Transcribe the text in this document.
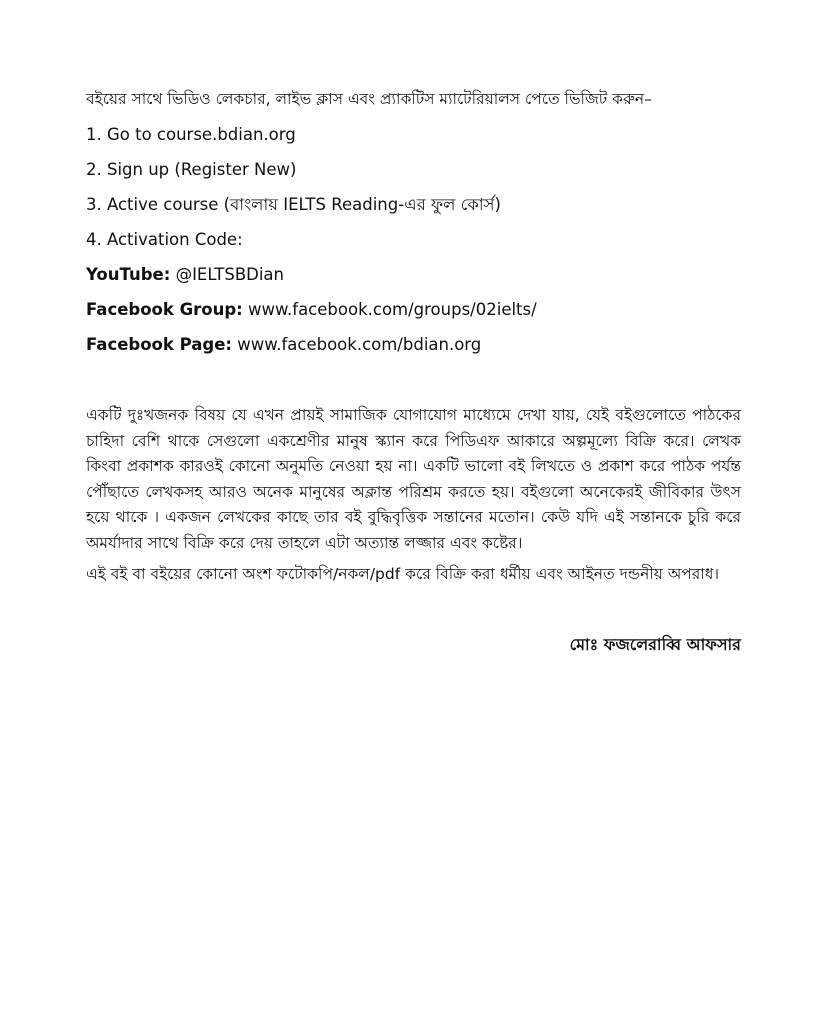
বইয়ের সাথে ভিডিও লেকচার, লাইভ ক্লাস এবং প্র্যাকটিস ম্যাটেরিয়ালস পেতে ভিজিট করুন–
1. Go to course.bdian.org
2. Sign up (Register New)
3. Active course (বাংলায় IELTS Reading-এর ফুল কোর্স)
4. Activation Code:
YouTube: @IELTSBDian
Facebook Group: www.facebook.com/groups/02ielts/
Facebook Page: www.facebook.com/bdian.org

একটি দুঃখজনক বিষয় যে এখন প্রায়ই সামাজিক যোগাযোগ মাধ্যেমে দেখা যায়, যেই বইগুলোতে পাঠকের চাহিদা বেশি থাকে সেগুলো একশ্রেণীর মানুষ স্ক্যান করে পিডিএফ আকারে অল্পমূল্যে বিক্রি করে। লেখক কিংবা প্রকাশক কারওই কোনো অনুমতি নেওয়া হয় না। একটি ভালো বই লিখতে ও প্রকাশ করে পাঠক পর্যন্ত পৌঁছাতে লেখকসহ আরও অনেক মানুষের অক্লান্ত পরিশ্রম করতে হয়। বইগুলো অনেকেরই জীবিকার উৎস হয়ে থাকে । একজন লেখকের কাছে তার বই বুদ্ধিবৃত্তিক সন্তানের মতোন। কেউ যদি এই সন্তানকে চুরি করে অমর্যাদার সাথে বিক্রি করে দেয় তাহলে এটা অত্যান্ত লজ্জার এবং কষ্টের।

এই বই বা বইয়ের কোনো অংশ ফটোকপি/নকল/pdf করে বিক্রি করা ধর্মীয় এবং আইনত দন্ডনীয় অপরাধ।

মোঃ ফজলেরাব্বি আফসার
